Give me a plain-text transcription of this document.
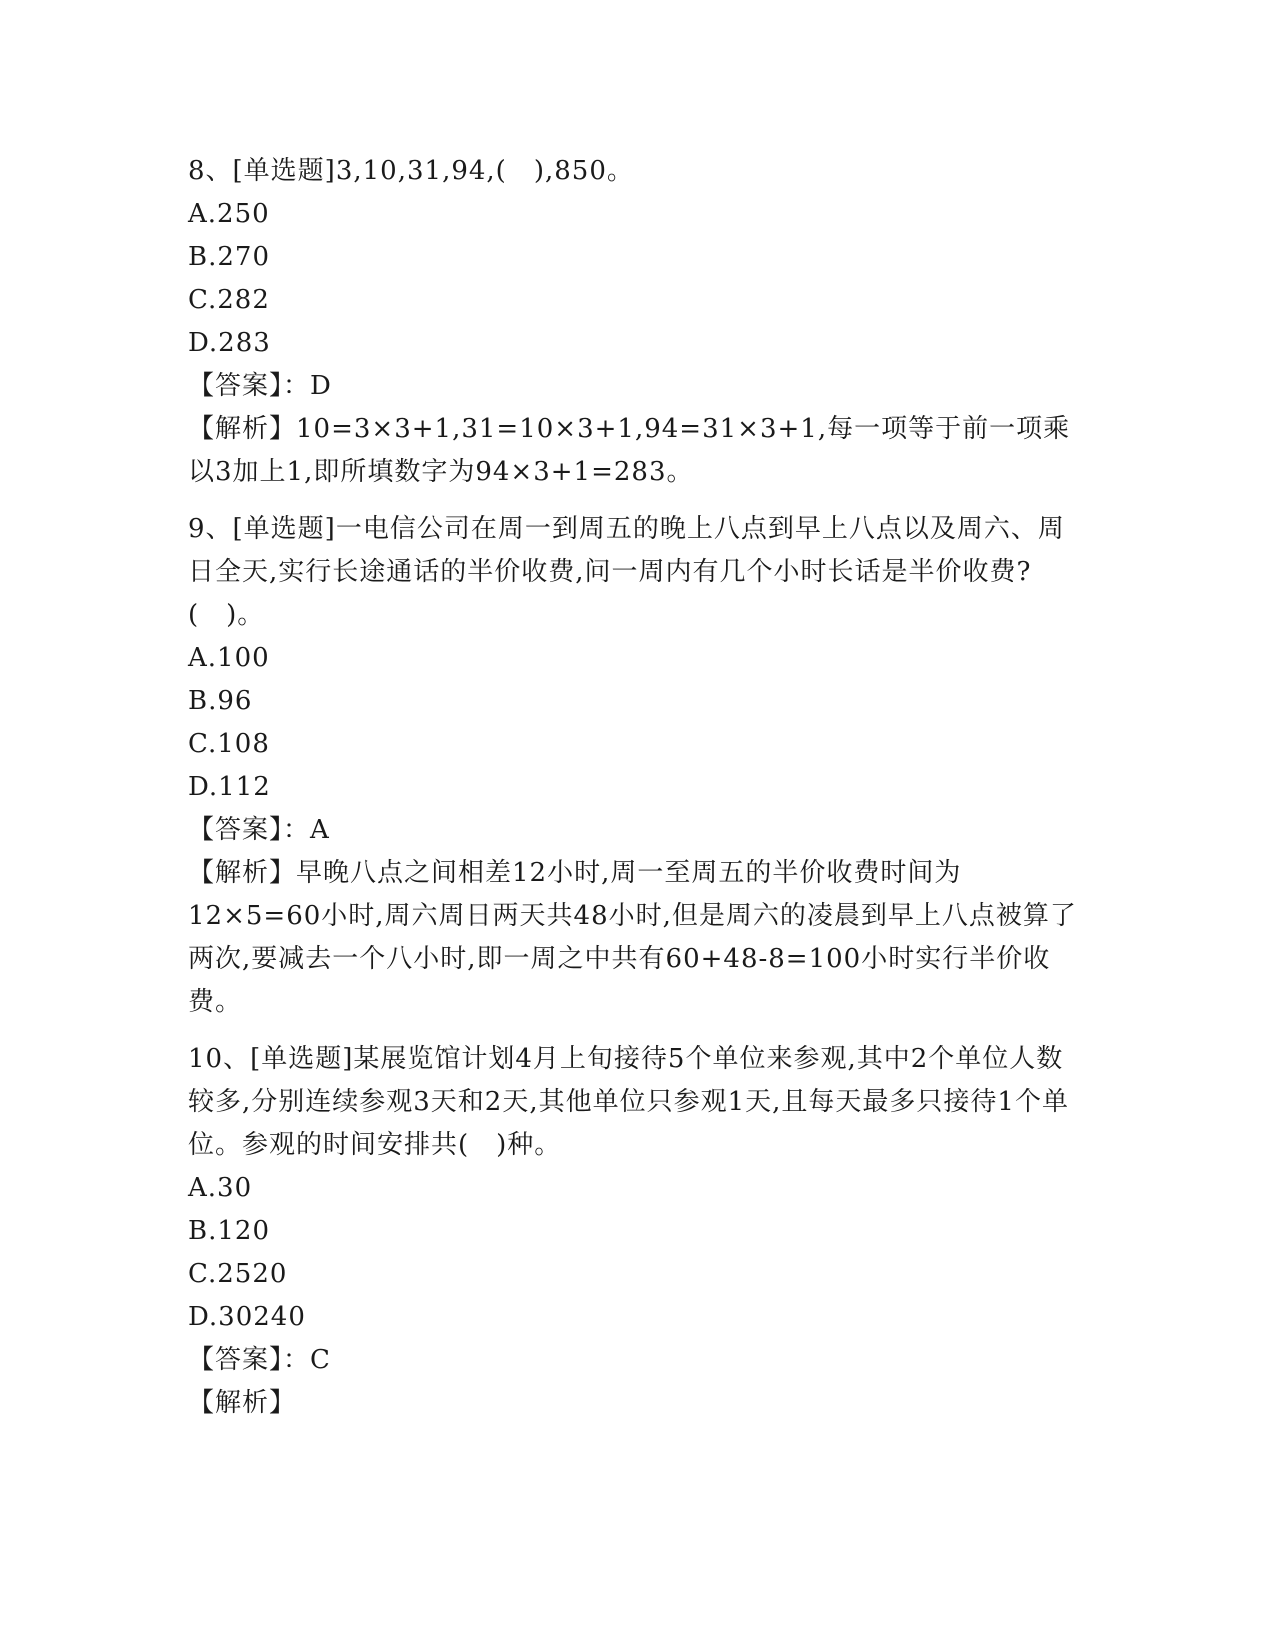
8、[单选题]3,10,31,94,(　),850。

A.250

B.270

C.282

D.283

【答案】：D

【解析】10=3×3+1,31=10×3+1,94=31×3+1,每一项等于前一项乘以3加上1,即所填数字为94×3+1=283。

9、[单选题]一电信公司在周一到周五的晚上八点到早上八点以及周六、周日全天,实行长途通话的半价收费,问一周内有几个小时长话是半价收费?(　)。

A.100

B.96

C.108

D.112

【答案】：A

【解析】早晚八点之间相差12小时,周一至周五的半价收费时间为12×5=60小时,周六周日两天共48小时,但是周六的凌晨到早上八点被算了两次,要减去一个八小时,即一周之中共有60+48-8=100小时实行半价收费。

10、[单选题]某展览馆计划4月上旬接待5个单位来参观,其中2个单位人数较多,分别连续参观3天和2天,其他单位只参观1天,且每天最多只接待1个单位。参观的时间安排共(　)种。

A.30

B.120

C.2520

D.30240

【答案】：C

【解析】
